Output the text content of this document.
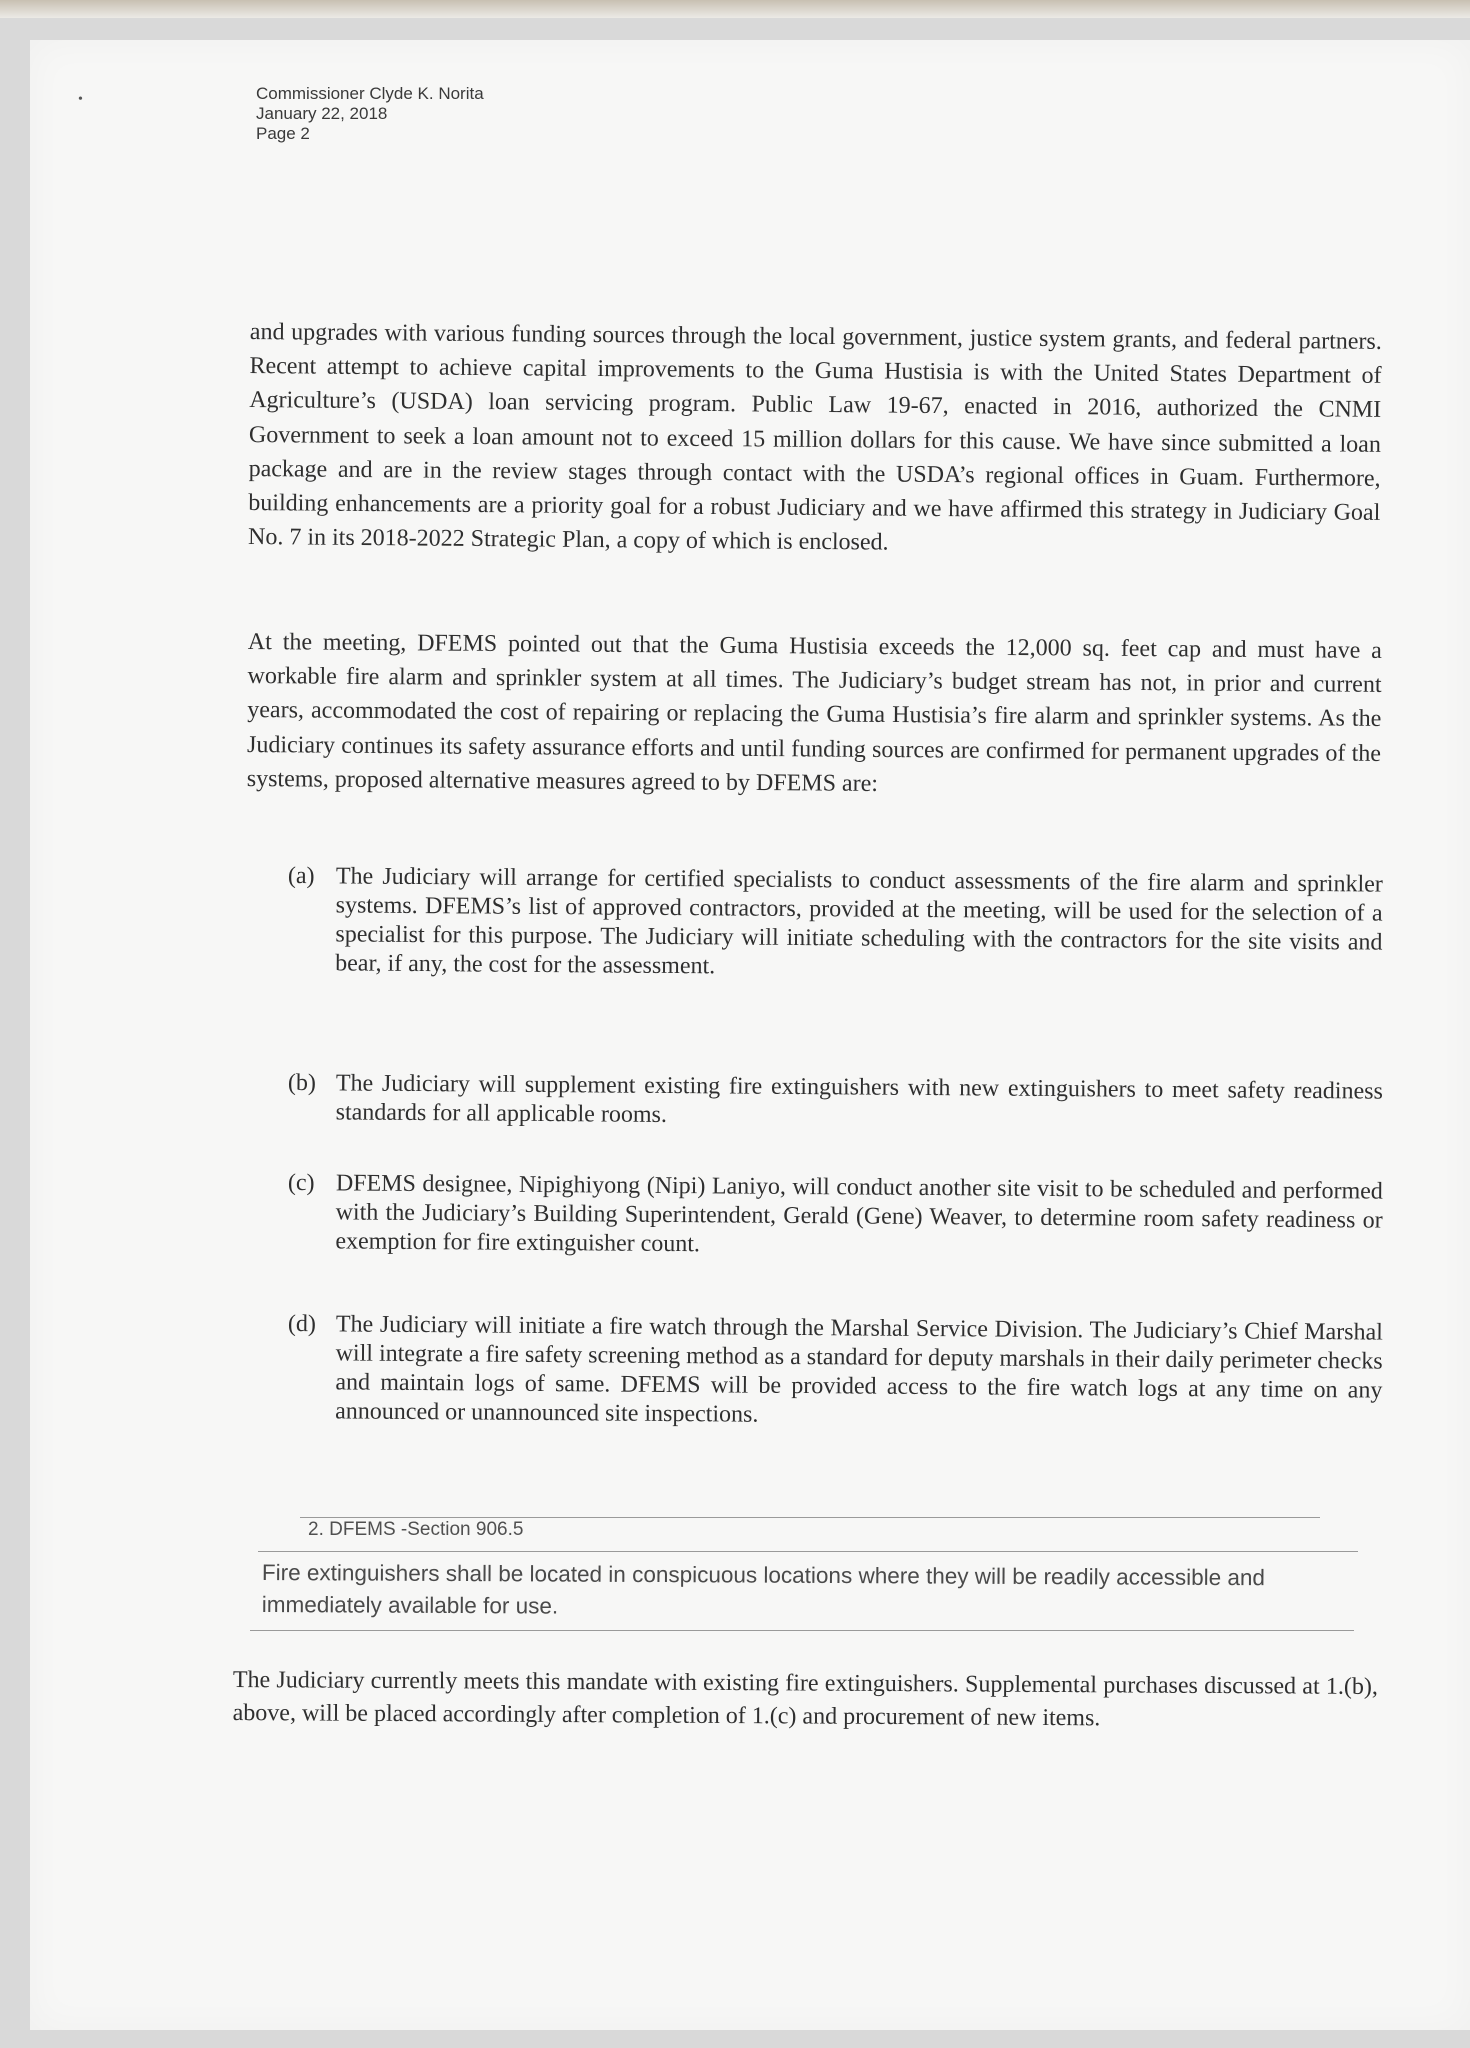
•	Commissioner Clyde K. Norita
January 22, 2018
Page 2

and upgrades with various funding sources through the local government, justice system grants, and federal partners. Recent attempt to achieve capital improvements to the Guma Hustisia is with the United States Department of Agriculture’s (USDA) loan servicing program. Public Law 19-67, enacted in 2016, authorized the CNMI Government to seek a loan amount not to exceed 15 million dollars for this cause. We have since submitted a loan package and are in the review stages through contact with the USDA’s regional offices in Guam. Furthermore, building enhancements are a priority goal for a robust Judiciary and we have affirmed this strategy in Judiciary Goal No. 7 in its 2018-2022 Strategic Plan, a copy of which is enclosed.

At the meeting, DFEMS pointed out that the Guma Hustisia exceeds the 12,000 sq. feet cap and must have a workable fire alarm and sprinkler system at all times. The Judiciary’s budget stream has not, in prior and current years, accommodated the cost of repairing or replacing the Guma Hustisia’s fire alarm and sprinkler systems. As the Judiciary continues its safety assurance efforts and until funding sources are confirmed for permanent upgrades of the systems, proposed alternative measures agreed to by DFEMS are:

(a) The Judiciary will arrange for certified specialists to conduct assessments of the fire alarm and sprinkler systems. DFEMS’s list of approved contractors, provided at the meeting, will be used for the selection of a specialist for this purpose. The Judiciary will initiate scheduling with the contractors for the site visits and bear, if any, the cost for the assessment.

(b) The Judiciary will supplement existing fire extinguishers with new extinguishers to meet safety readiness standards for all applicable rooms.

(c) DFEMS designee, Nipighiyong (Nipi) Laniyo, will conduct another site visit to be scheduled and performed with the Judiciary’s Building Superintendent, Gerald (Gene) Weaver, to determine room safety readiness or exemption for fire extinguisher count.

(d) The Judiciary will initiate a fire watch through the Marshal Service Division. The Judiciary’s Chief Marshal will integrate a fire safety screening method as a standard for deputy marshals in their daily perimeter checks and maintain logs of same. DFEMS will be provided access to the fire watch logs at any time on any announced or unannounced site inspections.

2. DFEMS -Section 906.5

Fire extinguishers shall be located in conspicuous locations where they will be readily accessible and immediately available for use.

The Judiciary currently meets this mandate with existing fire extinguishers. Supplemental purchases discussed at 1.(b), above, will be placed accordingly after completion of 1.(c) and procurement of new items.
